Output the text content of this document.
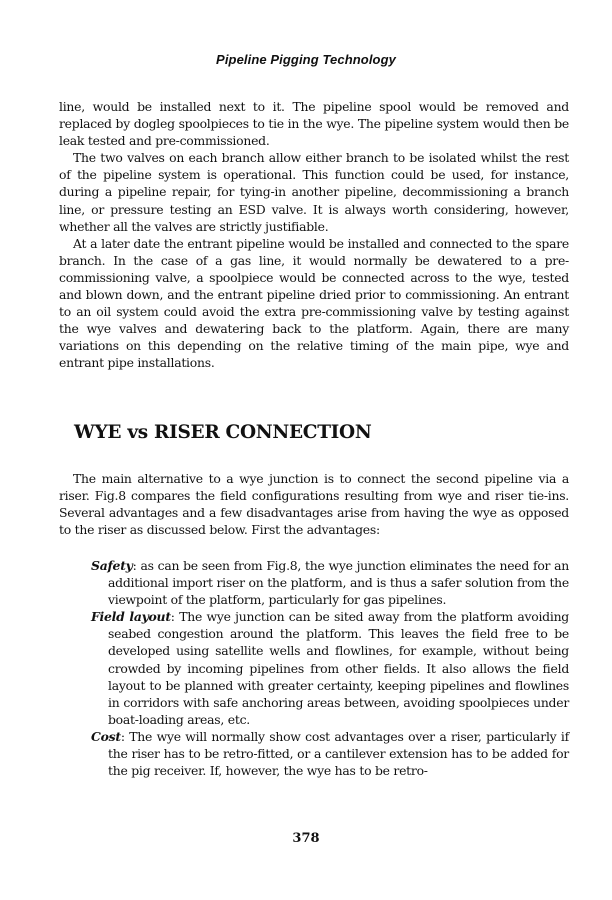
Pipeline Pigging Technology

line, would be installed next to it. The pipeline spool would be removed and replaced by dogleg spoolpieces to tie in the wye. The pipeline system would then be leak tested and pre-commissioned.

The two valves on each branch allow either branch to be isolated whilst the rest of the pipeline system is operational. This function could be used, for instance, during a pipeline repair, for tying-in another pipeline, decommissioning a branch line, or pressure testing an ESD valve. It is always worth considering, however, whether all the valves are strictly justifiable.

At a later date the entrant pipeline would be installed and connected to the spare branch. In the case of a gas line, it would normally be dewatered to a pre-commissioning valve, a spoolpiece would be connected across to the wye, tested and blown down, and the entrant pipeline dried prior to commissioning. An entrant to an oil system could avoid the extra pre-commissioning valve by testing against the wye valves and dewatering back to the platform. Again, there are many variations on this depending on the relative timing of the main pipe, wye and entrant pipe installations.

WYE vs RISER CONNECTION

The main alternative to a wye junction is to connect the second pipeline via a riser. Fig.8 compares the field configurations resulting from wye and riser tie-ins. Several advantages and a few disadvantages arise from having the wye as opposed to the riser as discussed below. First the advantages:

Safety: as can be seen from Fig.8, the wye junction eliminates the need for an additional import riser on the platform, and is thus a safer solution from the viewpoint of the platform, particularly for gas pipelines.

Field layout: The wye junction can be sited away from the platform avoiding seabed congestion around the platform. This leaves the field free to be developed using satellite wells and flowlines, for example, without being crowded by incoming pipelines from other fields. It also allows the field layout to be planned with greater certainty, keeping pipelines and flowlines in corridors with safe anchoring areas between, avoiding spoolpieces under boat-loading areas, etc.

Cost: The wye will normally show cost advantages over a riser, particularly if the riser has to be retro-fitted, or a cantilever extension has to be added for the pig receiver. If, however, the wye has to be retro-

378
